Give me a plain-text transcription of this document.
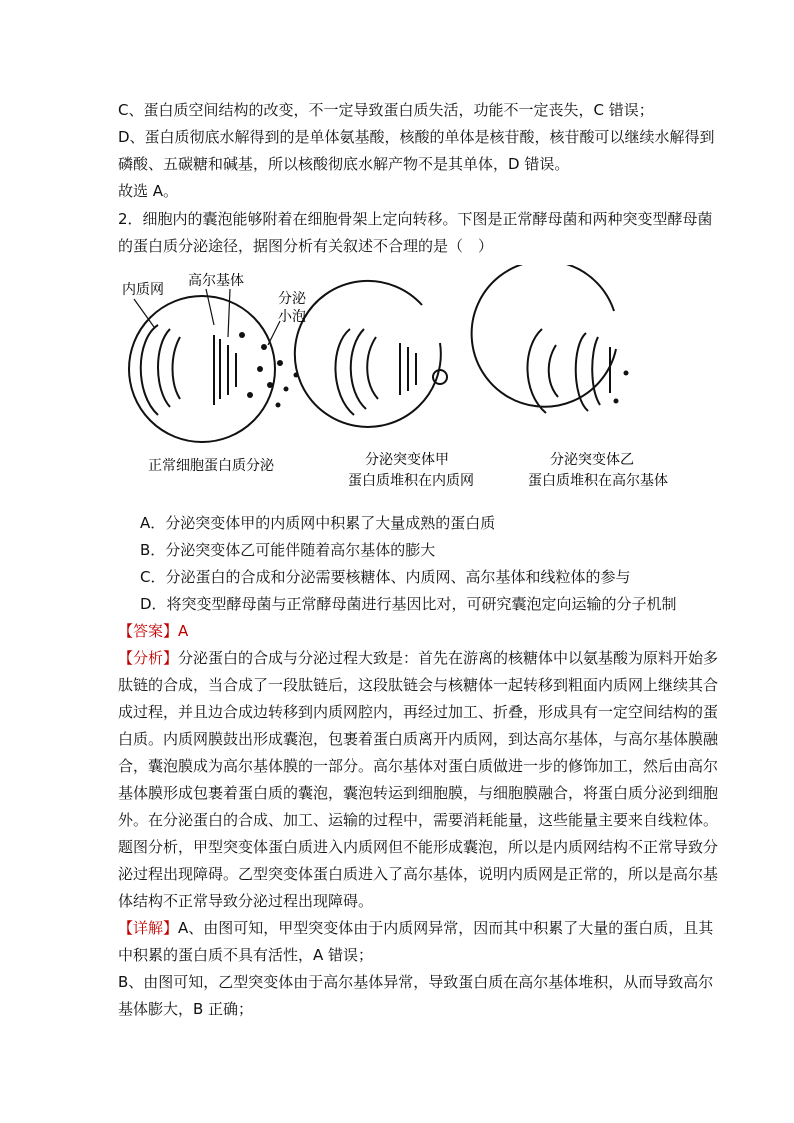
C、蛋白质空间结构的改变，不一定导致蛋白质失活，功能不一定丧失，C 错误；
D、蛋白质彻底水解得到的是单体氨基酸，核酸的单体是核苷酸，核苷酸可以继续水解得到
磷酸、五碳糖和碱基，所以核酸彻底水解产物不是其单体，D 错误。
故选 A。
2．细胞内的囊泡能够附着在细胞骨架上定向转移。下图是正常酵母菌和两种突变型酵母菌
的蛋白质分泌途径，据图分析有关叙述不合理的是（　）
内质网
高尔基体
分泌
小泡
正常细胞蛋白质分泌	分泌突变体甲
蛋白质堆积在内质网
分泌突变体乙
蛋白质堆积在高尔基体
A．分泌突变体甲的内质网中积累了大量成熟的蛋白质
B．分泌突变体乙可能伴随着高尔基体的膨大
C．分泌蛋白的合成和分泌需要核糖体、内质网、高尔基体和线粒体的参与
D．将突变型酵母菌与正常酵母菌进行基因比对，可研究囊泡定向运输的分子机制
【答案】A
【分析】分泌蛋白的合成与分泌过程大致是：首先在游离的核糖体中以氨基酸为原料开始多
肽链的合成，当合成了一段肽链后，这段肽链会与核糖体一起转移到粗面内质网上继续其合
成过程，并且边合成边转移到内质网腔内，再经过加工、折叠，形成具有一定空间结构的蛋
白质。内质网膜鼓出形成囊泡，包裹着蛋白质离开内质网，到达高尔基体，与高尔基体膜融
合，囊泡膜成为高尔基体膜的一部分。高尔基体对蛋白质做进一步的修饰加工，然后由高尔
基体膜形成包裹着蛋白质的囊泡，囊泡转运到细胞膜，与细胞膜融合，将蛋白质分泌到细胞
外。在分泌蛋白的合成、加工、运输的过程中，需要消耗能量，这些能量主要来自线粒体。
题图分析，甲型突变体蛋白质进入内质网但不能形成囊泡，所以是内质网结构不正常导致分
泌过程出现障碍。乙型突变体蛋白质进入了高尔基体，说明内质网是正常的，所以是高尔基
体结构不正常导致分泌过程出现障碍。
【详解】A、由图可知，甲型突变体由于内质网异常，因而其中积累了大量的蛋白质，且其
中积累的蛋白质不具有活性，A 错误；
B、由图可知，乙型突变体由于高尔基体异常，导致蛋白质在高尔基体堆积，从而导致高尔
基体膨大，B 正确；
